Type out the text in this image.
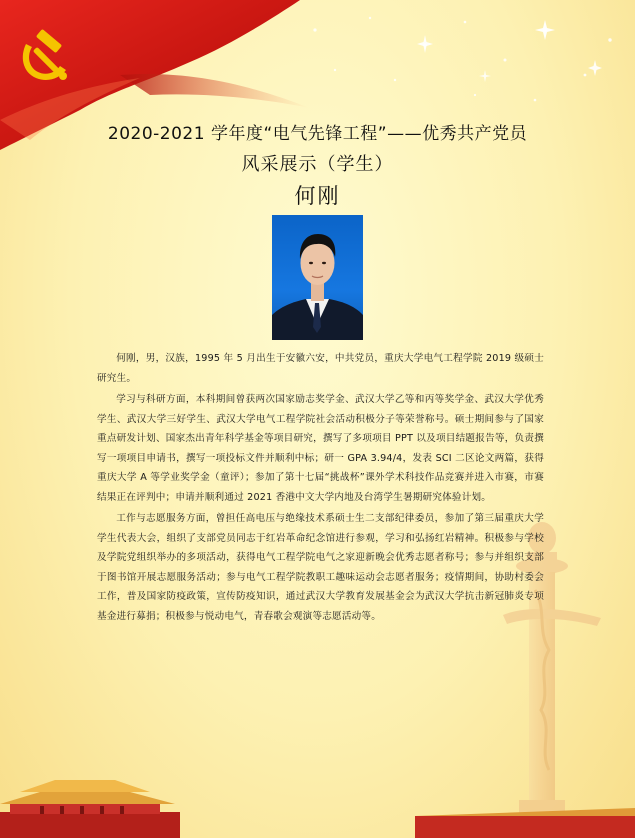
2020-2021 学年度“电气先锋工程”——优秀共产党员
风采展示（学生）
何刚

何刚，男，汉族，1995 年 5 月出生于安徽六安，中共党员，重庆大学电气工程学院 2019 级硕士研究生。

学习与科研方面，本科期间曾获两次国家励志奖学金、武汉大学乙等和丙等奖学金、武汉大学优秀学生、武汉大学三好学生、武汉大学电气工程学院社会活动积极分子等荣誉称号。硕士期间参与了国家重点研发计划、国家杰出青年科学基金等项目研究，撰写了多项项目 PPT 以及项目结题报告等，负责撰写一项项目申请书，撰写一项投标文件并顺利中标；研一 GPA 3.94/4，发表 SCI 二区论文两篇，获得重庆大学 A 等学业奖学金（童评）；参加了第十七届“挑战杯”课外学术科技作品竞赛并进入市赛，市赛结果正在评判中；申请并顺利通过 2021 香港中文大学内地及台湾学生暑期研究体验计划。

工作与志愿服务方面，曾担任高电压与绝缘技术系硕士生二支部纪律委员，参加了第三届重庆大学学生代表大会，组织了支部党员同志于红岩革命纪念馆进行参观，学习和弘扬红岩精神。积极参与学校及学院党组织举办的多项活动，获得电气工程学院电气之家迎新晚会优秀志愿者称号；参与并组织支部于图书馆开展志愿服务活动；参与电气工程学院教职工趣味运动会志愿者服务；疫情期间，协助村委会工作，普及国家防疫政策，宣传防疫知识，通过武汉大学教育发展基金会为武汉大学抗击新冠肺炎专项基金进行募捐；积极参与悦动电气，青春歌会观演等志愿活动等。
